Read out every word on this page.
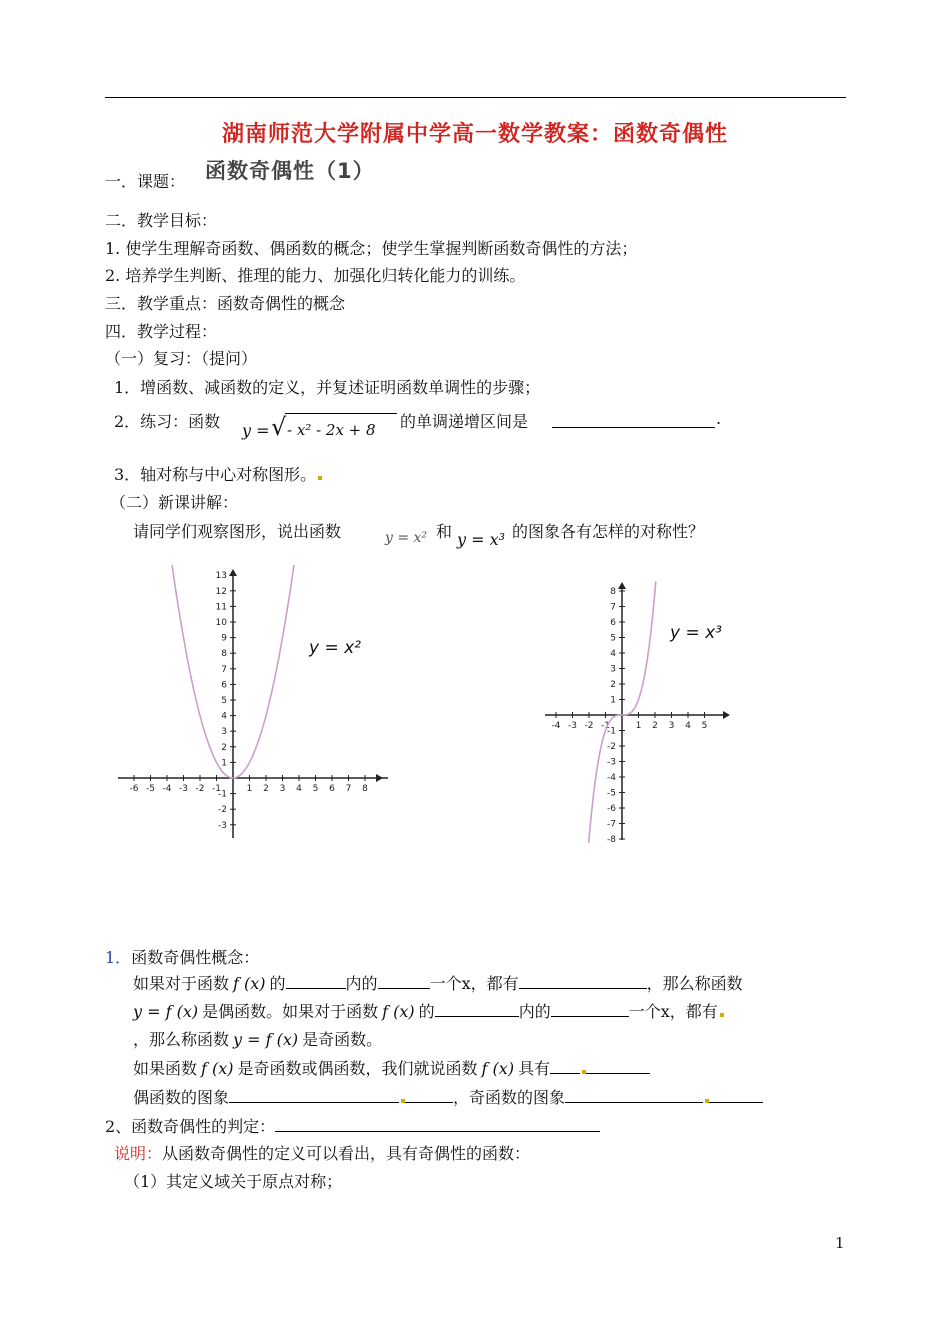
湖南师范大学附属中学高一数学教案：函数奇偶性
一．课题： 函数奇偶性（1）
二．教学目标：
1. 使学生理解奇函数、偶函数的概念；使学生掌握判断函数奇偶性的方法；
2. 培养学生判断、推理的能力、加强化归转化能力的训练。
三．教学重点：函数奇偶性的概念
四．教学过程：
（一）复习：（提问）
1．增函数、减函数的定义，并复述证明函数单调性的步骤；
2．练习：函数 y = √ - x² - 2x + 8 的单调递增区间是	.
3．轴对称与中心对称图形。
（二）新课讲解：
请同学们观察图形，说出函数	y = x² 和 y = x³ 的图象各有怎样的对称性？
-6 -5 -4 -3 -2 -1	1 2 3 4 5 6 7 8
13
12
11
10
9
8
7
6
5
4
3
2
1
-1
-2
-3
y = x²
-4 -3 -2 -1	1 2 3 4 5
8
7
6
5
4
3
2
1
-1
-2
-3
-4
-5
-6
-7
-8
y = x³
1．函数奇偶性概念：
如果对于函数 f (x) 的	内的	一个x，都有	，那么称函数
y = f (x) 是偶函数。如果对于函数 f (x) 的	内的	一个x，都有
，那么称函数 y = f (x) 是奇函数。
如果函数 f (x) 是奇函数或偶函数，我们就说函数 f (x) 具有
偶函数的图象	，奇函数的图象
2、函数奇偶性的判定：
说明：从函数奇偶性的定义可以看出，具有奇偶性的函数：
（1）其定义域关于原点对称；
1
